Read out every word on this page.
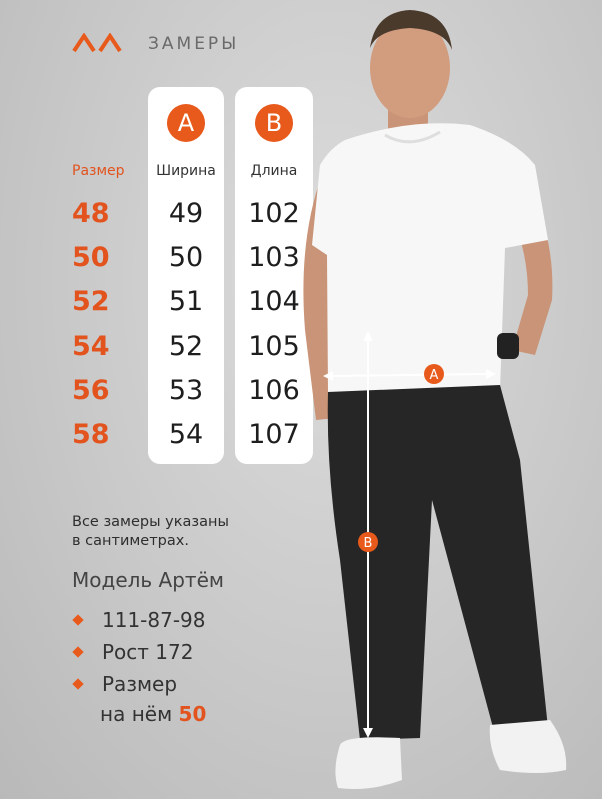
ЗАМЕРЫ
Размер
48
50
52
54
56
58
A
Ширина
49
50
51
52
53
54
B
Длина
102
103
104
105
106
107
A
B
Все замеры указаны
в сантиметрах.
Модель Артём
111-87-98
Рост 172
Размер
на нём 50
